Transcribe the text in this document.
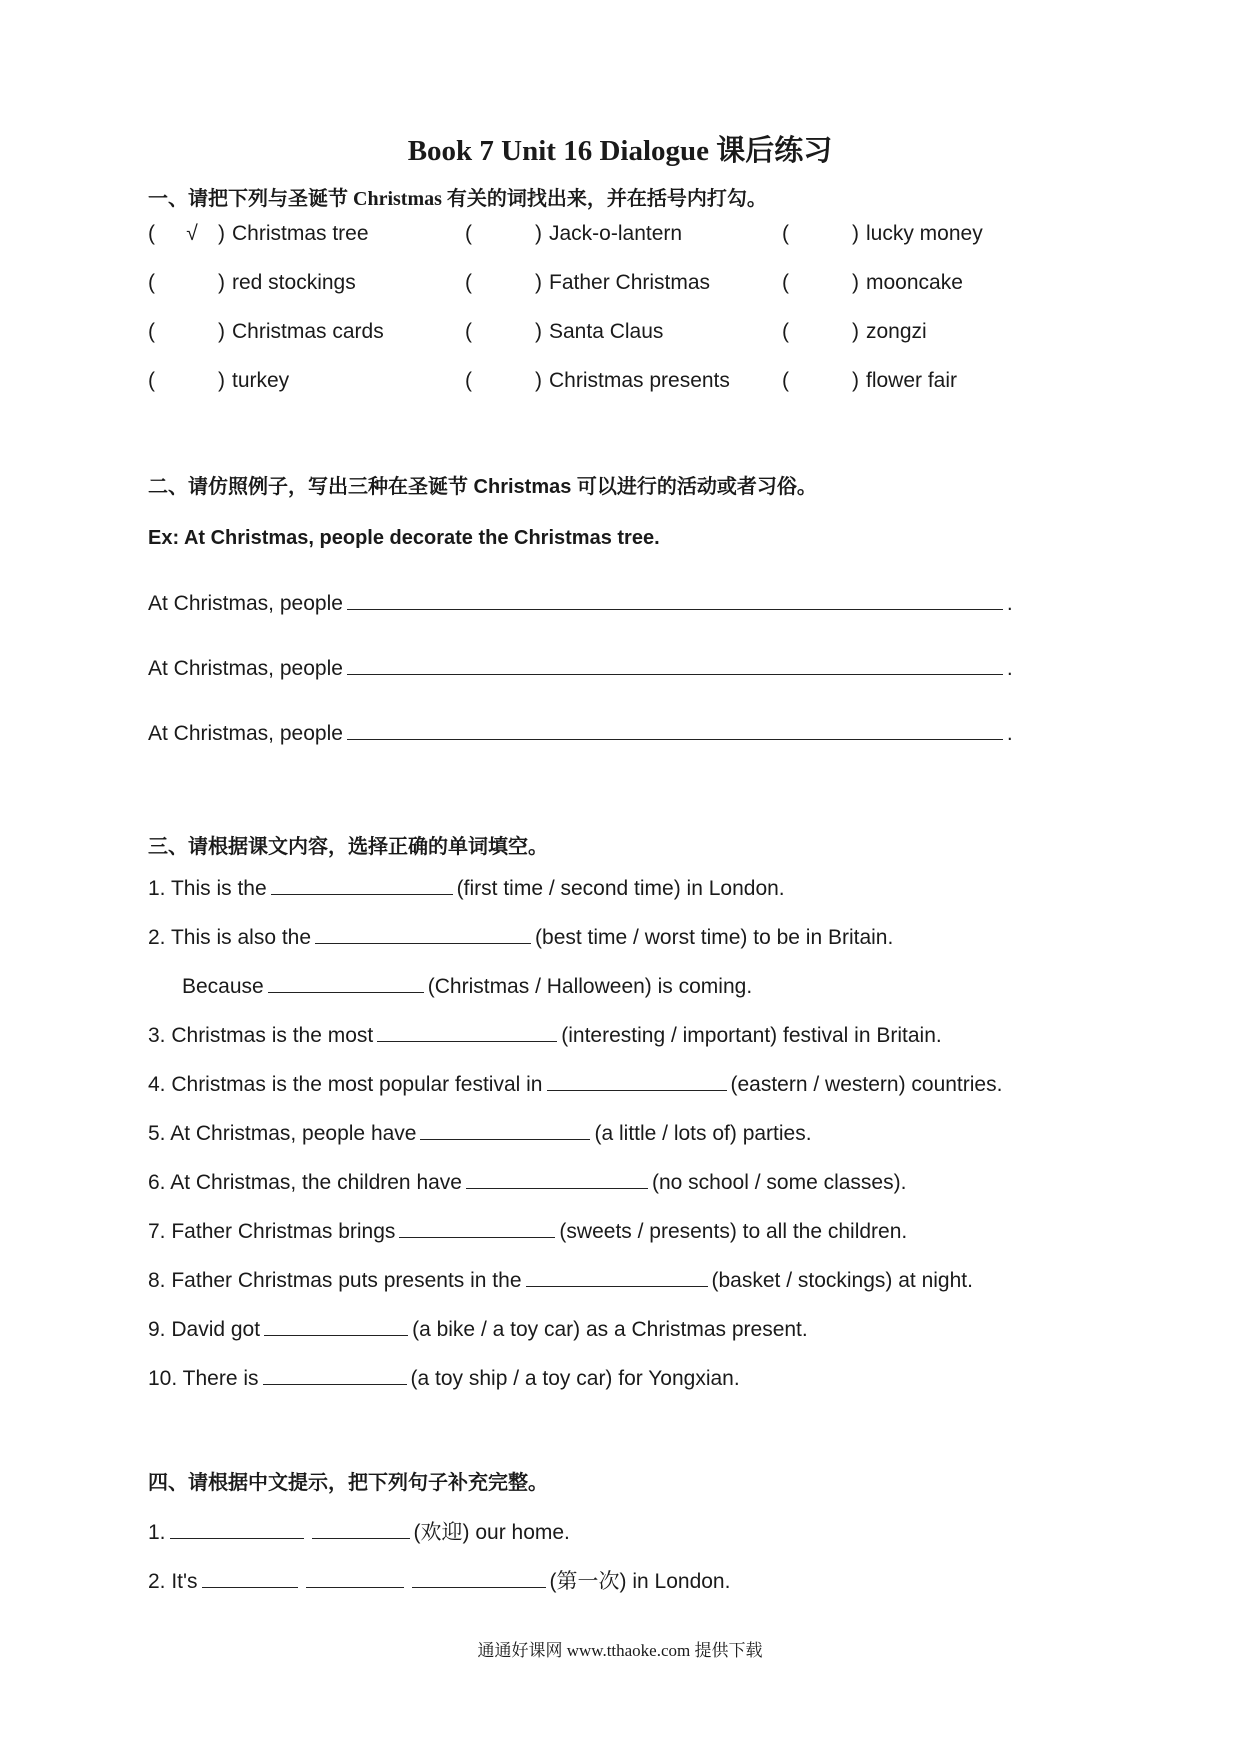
Book 7 Unit 16 Dialogue 课后练习
一、请把下列与圣诞节 Christmas 有关的词找出来，并在括号内打勾。
(	√ ) Christmas tree	(	) Jack-o-lantern	(	) lucky money
(	) red stockings	(	) Father Christmas	(	) mooncake
(	) Christmas cards	(	) Santa Claus	(	) zongzi
(	) turkey	(	) Christmas presents (	) flower fair
二、请仿照例子，写出三种在圣诞节 Christmas 可以进行的活动或者习俗。
Ex: At Christmas, people decorate the Christmas tree.
At Christmas, people	.
At Christmas, people	.
At Christmas, people	.
三、请根据课文内容，选择正确的单词填空。
1. This is the	(first time / second time) in London.
2. This is also the	(best time / worst time) to be in Britain.
Because	(Christmas / Halloween) is coming.
3. Christmas is the most	(interesting / important) festival in Britain.
4. Christmas is the most popular festival in	(eastern / western) countries.
5. At Christmas, people have	(a little / lots of) parties.
6. At Christmas, the children have	(no school / some classes).
7. Father Christmas brings	(sweets / presents) to all the children.
8. Father Christmas puts presents in the	(basket / stockings) at night.
9. David got	(a bike / a toy car) as a Christmas present.
10. There is	(a toy ship / a toy car) for Yongxian.
四、请根据中文提示，把下列句子补充完整。
1.	(欢迎) our home.
2. It's	(第一次) in London.
通通好课网 www.tthaoke.com 提供下载
